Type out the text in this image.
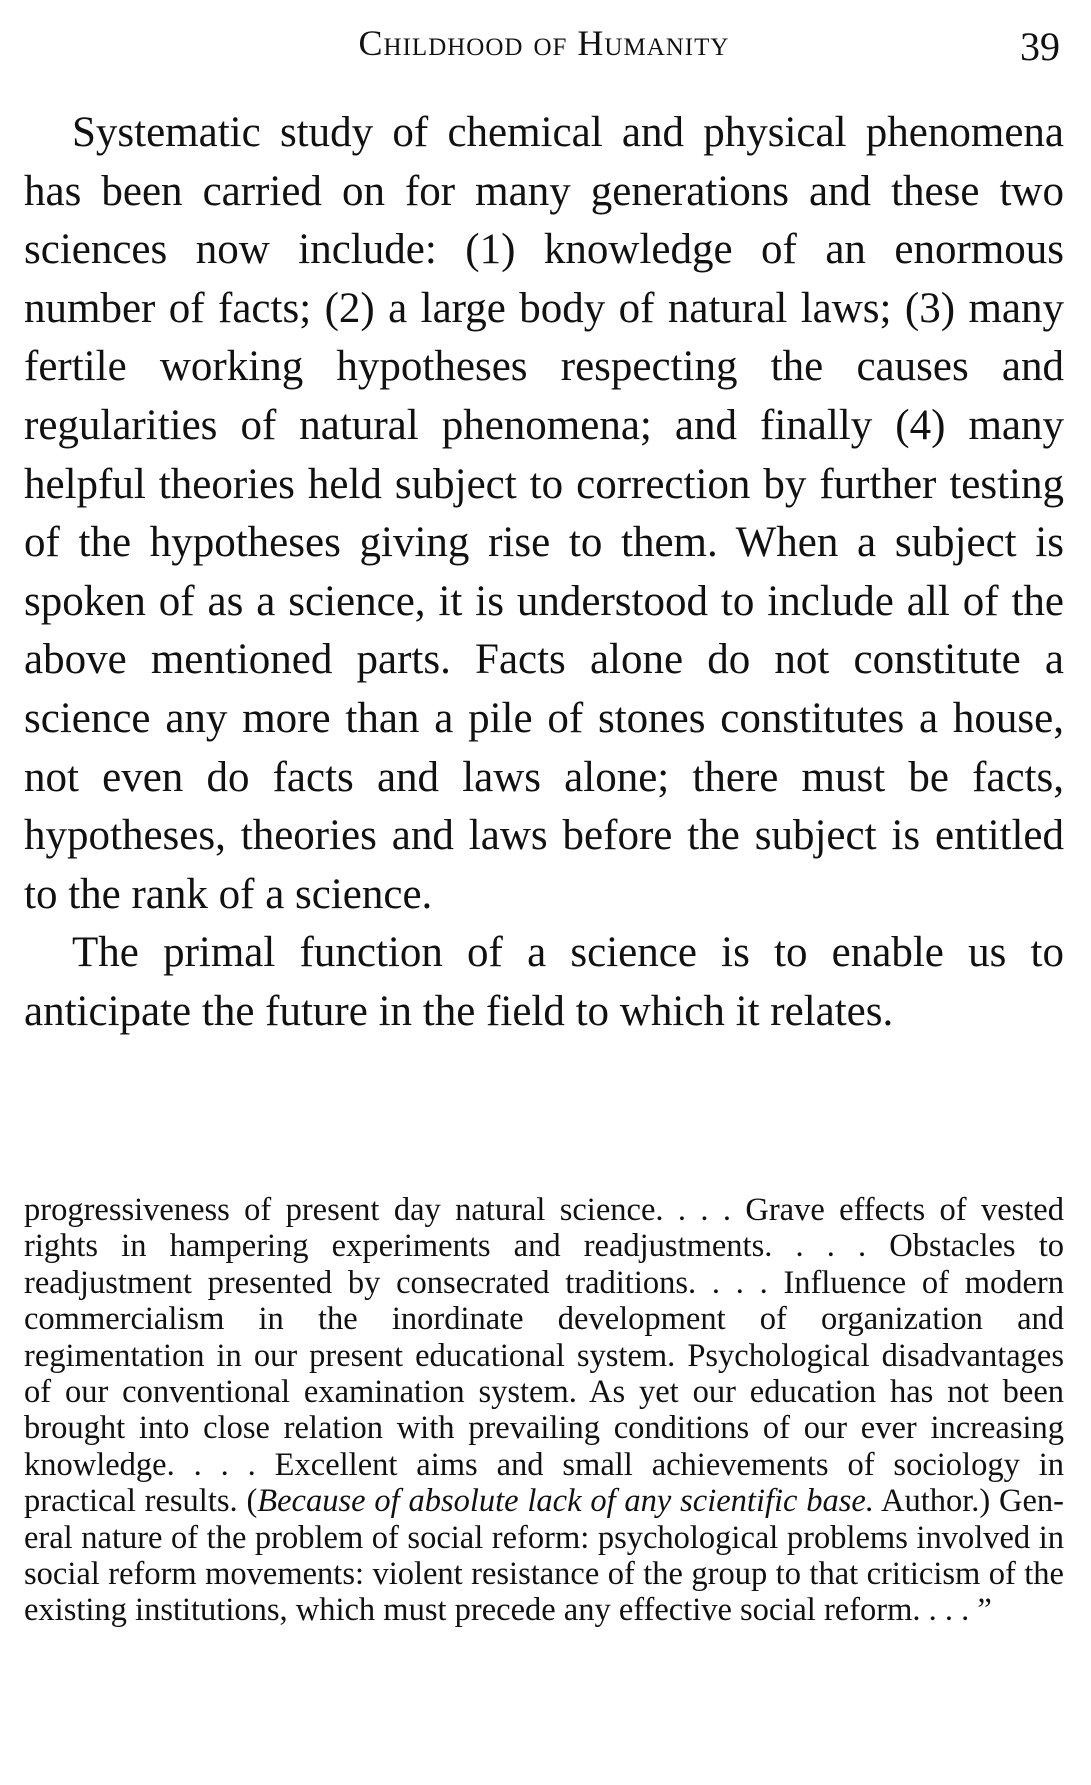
Childhood of Humanity	39

Systematic study of chemical and physical phenomena has been carried on for many generations and these two sciences now include: (1) knowledge of an enormous number of facts; (2) a large body of natural laws; (3) many fertile working hypotheses respecting the causes and regularities of natural phenomena; and finally (4) many helpful theories held subject to correction by further testing of the hypotheses giving rise to them. When a subject is spoken of as a science, it is understood to include all of the above mentioned parts. Facts alone do not constitute a science any more than a pile of stones constitutes a house, not even do facts and laws alone; there must be facts, hypotheses, theories and laws before the subject is entitled to the rank of a science.

The primal function of a science is to enable us to anticipate the future in the field to which it relates.

progressiveness of present day natural science. . . . Grave effects of vested rights in hampering experiments and readjustments. . . . Obstacles to readjustment presented by consecrated traditions. . . . Influence of modern commercialism in the inordinate development of organization and regimentation in our present educational system. Psychological disadvantages of our conventional examination system. As yet our education has not been brought into close relation with prevailing conditions of our ever increasing knowledge. . . . Excellent aims and small achievements of sociology in practical results. (Because of absolute lack of any scientific base. Author.) General nature of the problem of social reform: psychological problems involved in social reform movements: violent resistance of the group to that criticism of the existing institutions, which must precede any effective social reform. . . . ”
